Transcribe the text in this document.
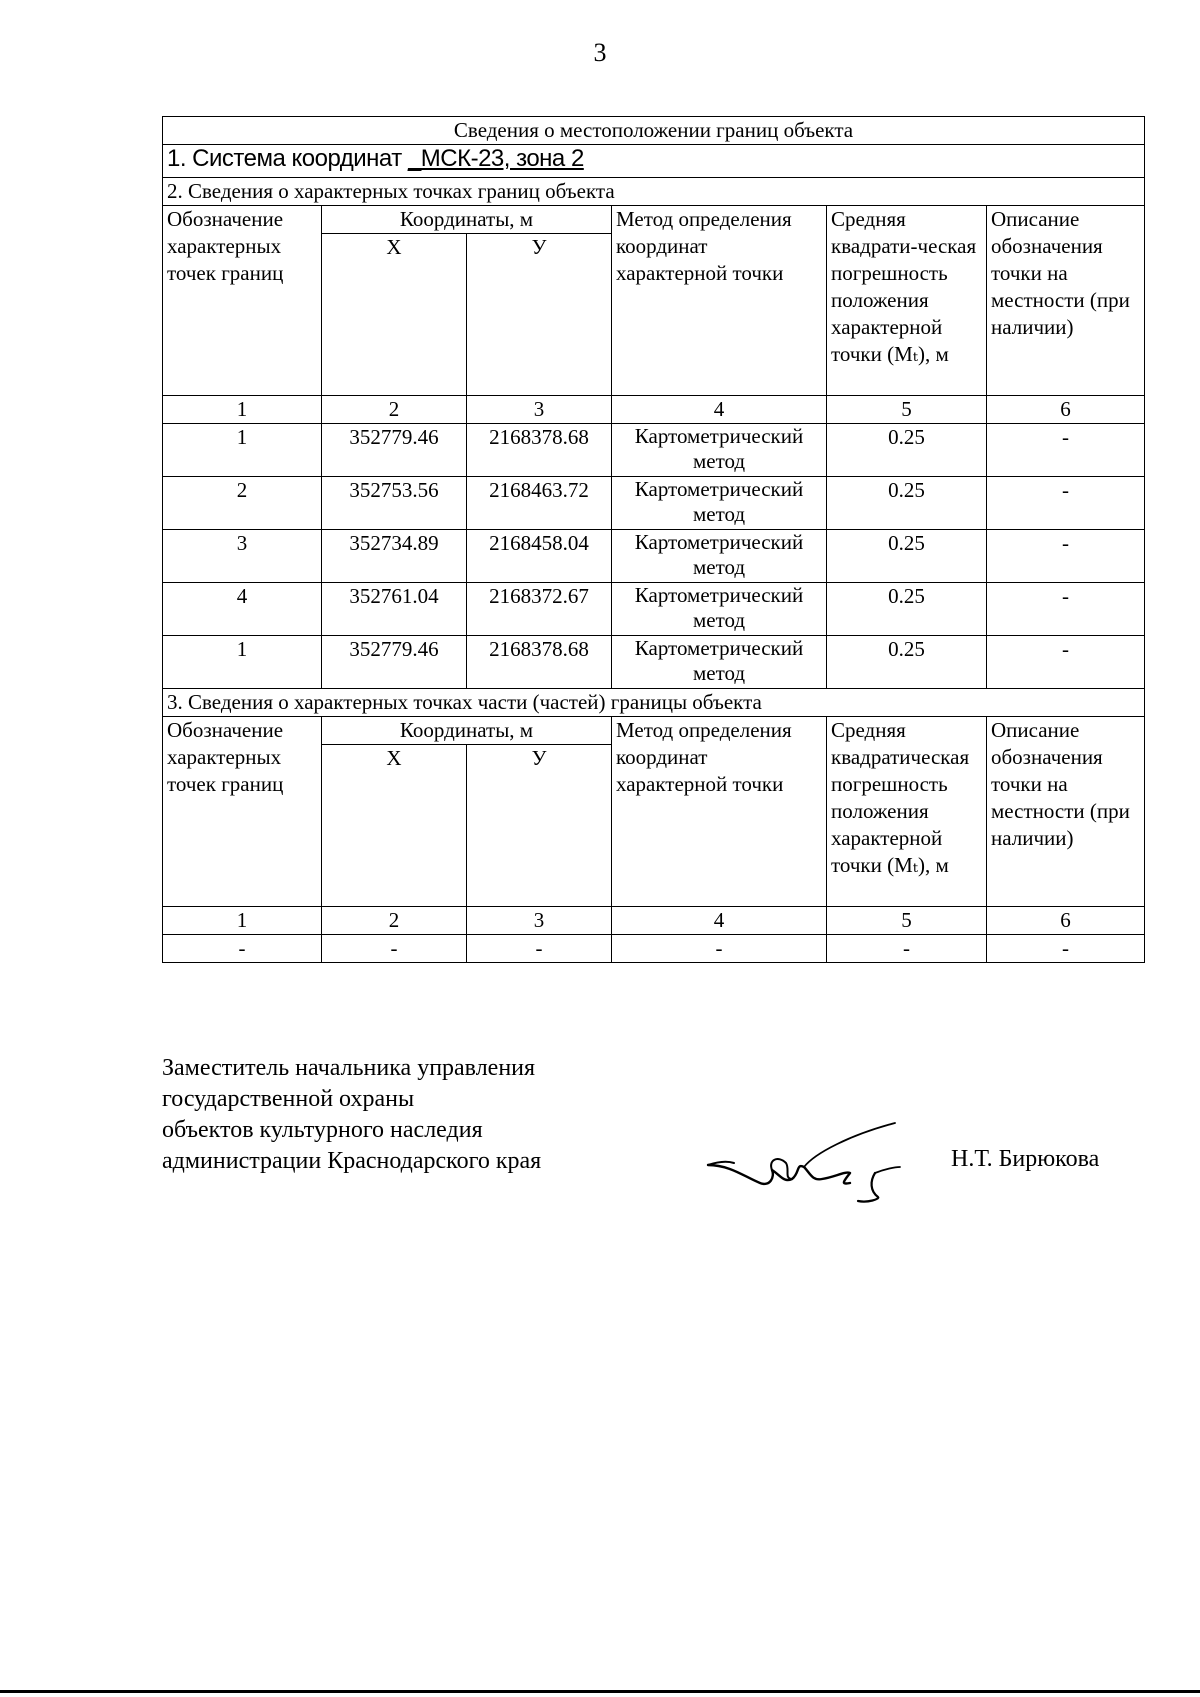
3
Сведения о местоположении границ объекта					
1. Система координат _МСК-23, зона 2					
2. Сведения о характерных точках границ объекта					
Обозначение характерных точек границ	Координаты, м		Метод определения координат характерной точки	Средняя квадрати-ческая погрешность положения характерной точки (Mₜ), м	Описание обозначения точки на местности (при наличии)
	X	У			
1	2	3	4	5	6
1	352779.46	2168378.68	Картометрический метод	0.25	-
2	352753.56	2168463.72	Картометрический метод	0.25	-
3	352734.89	2168458.04	Картометрический метод	0.25	-
4	352761.04	2168372.67	Картометрический метод	0.25	-
1	352779.46	2168378.68	Картометрический метод	0.25	-
3. Сведения о характерных точках части (частей) границы объекта					
Обозначение характерных точек границ	Координаты, м		Метод определения координат характерной точки	Средняя квадратическая погрешность положения характерной точки (Mₜ), м	Описание обозначения точки на местности (при наличии)
	X	У			
1	2	3	4	5	6
-	-	-	-	-	-
Заместитель начальника управления
государственной охраны
объектов культурного наследия
администрации Краснодарского края	Н.Т. Бирюкова
